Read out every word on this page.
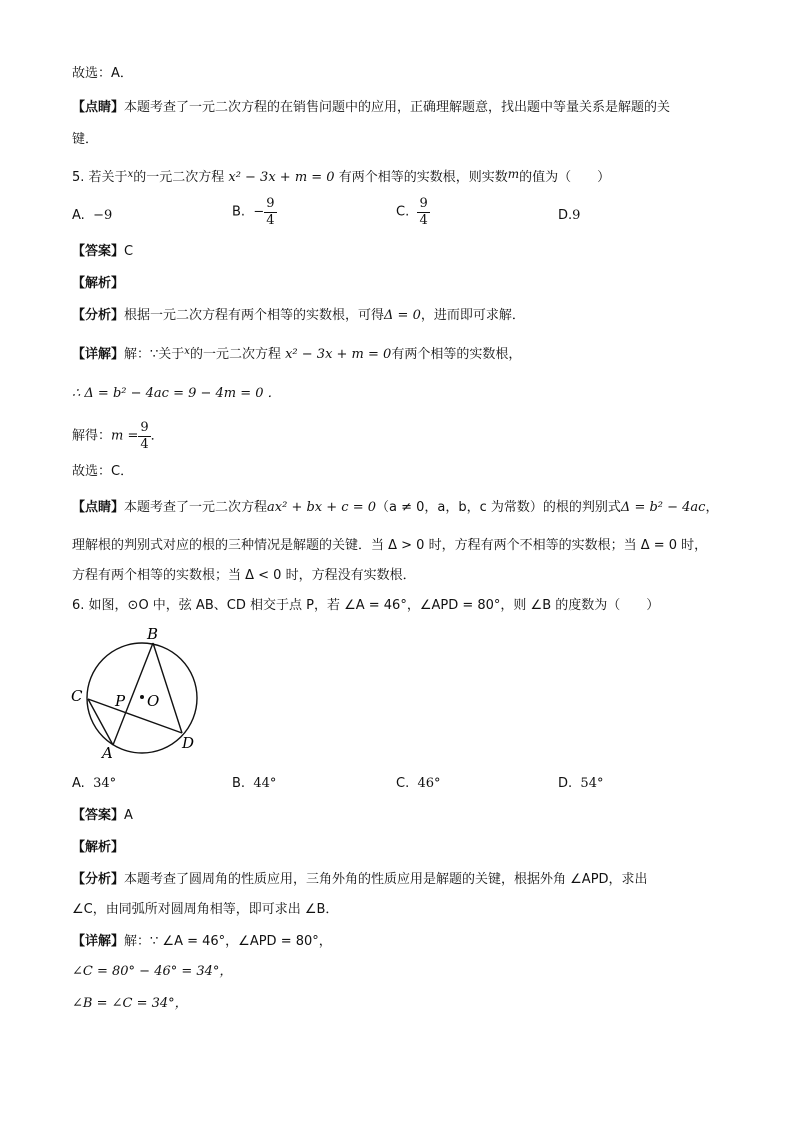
故选：A．
【点睛】本题考查了一元二次方程的在销售问题中的应用，正确理解题意，找出题中等量关系是解题的关
键．
5. 若关于$^x$的一元二次方程 x² − 3x + m = 0 有两个相等的实数根，则实数m的值为（　　）
A. −9	B. − $\frac{9}{4}$	C. $\frac{9}{4}$	D.9
【答案】C
【解析】
【分析】根据一元二次方程有两个相等的实数根，可得Δ = 0，进而即可求解．
【详解】解：∵关于$^x$的一元二次方程 x² − 3x + m = 0有两个相等的实数根，
∴ Δ = b² − 4ac = 9 − 4m = 0 ．
解得：$m = \frac{9}{4}$ ．
故选：C．
【点睛】本题考查了一元二次方程ax² + bx + c = 0（a ≠ 0，a，b，c 为常数）的根的判别式Δ = b² − 4ac，
理解根的判别式对应的根的三种情况是解题的关键．当 Δ > 0 时，方程有两个不相等的实数根；当 Δ = 0 时，
方程有两个相等的实数根；当 Δ < 0 时，方程没有实数根．
6. 如图，⊙O 中，弦 AB、CD 相交于点 P，若 ∠A = 46°，∠APD = 80°，则 ∠B 的度数为（　　）
B
C P O
A
D
A. 34°	B. 44°	C. 46°	D. 54°
【答案】A
【解析】
【分析】本题考查了圆周角的性质应用，三角外角的性质应用是解题的关键，根据外角 ∠APD，求出
∠C，由同弧所对圆周角相等，即可求出 ∠B．
【详解】解：∵ ∠A = 46°，∠APD = 80°，
∠C = 80° − 46° = 34°，
∠B = ∠C = 34°，
